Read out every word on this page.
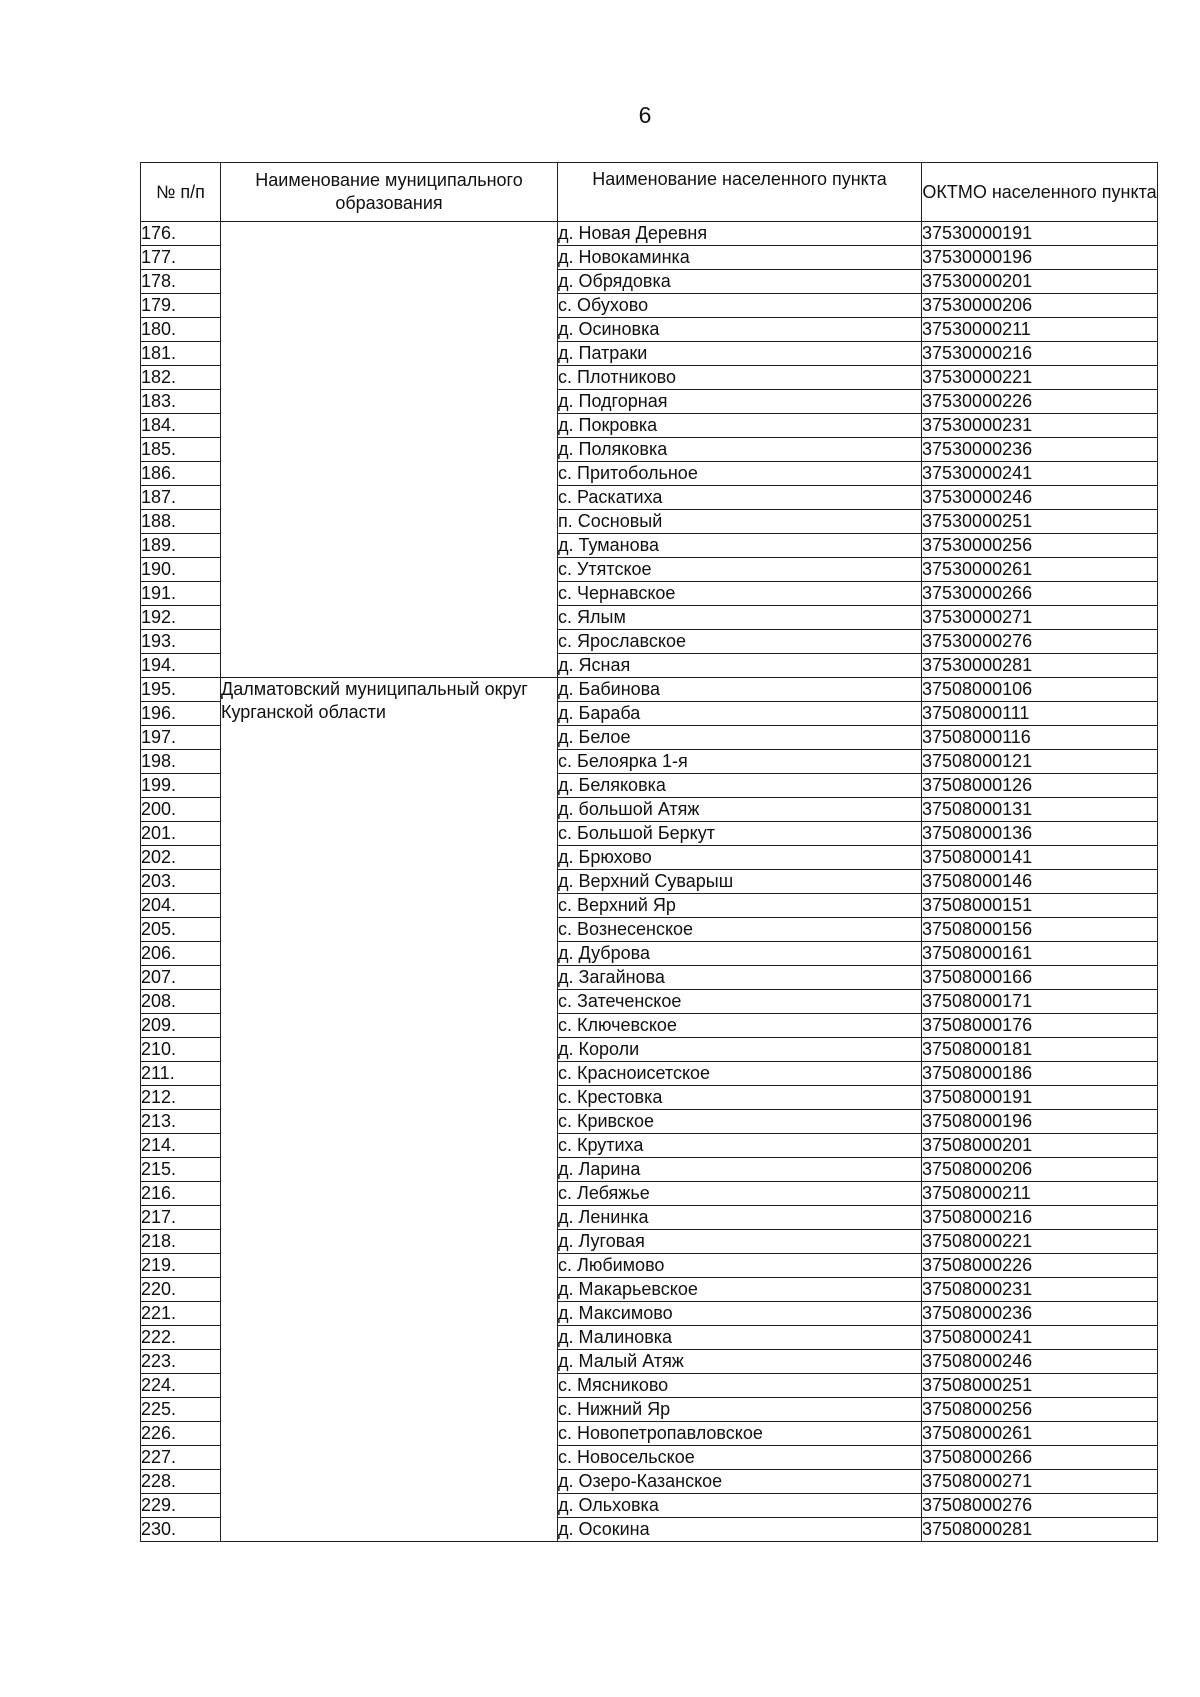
6
№ п/п	Наименование муниципального образования	Наименование населенного пункта	ОКТМО населенного пункта
176.		д. Новая Деревня	37530000191
177.		д. Новокаминка	37530000196
178.		д. Обрядовка	37530000201
179.		с. Обухово	37530000206
180.		д. Осиновка	37530000211
181.		д. Патраки	37530000216
182.		с. Плотниково	37530000221
183.		д. Подгорная	37530000226
184.		д. Покровка	37530000231
185.		д. Поляковка	37530000236
186.		с. Притобольное	37530000241
187.		с. Раскатиха	37530000246
188.		п. Сосновый	37530000251
189.		д. Туманова	37530000256
190.		с. Утятское	37530000261
191.		с. Чернавское	37530000266
192.		с. Ялым	37530000271
193.		с. Ярославское	37530000276
194.		д. Ясная	37530000281
195.	Далматовский муниципальный округ Курганской области	д. Бабинова	37508000106
196.		д. Бараба	37508000111
197.		д. Белое	37508000116
198.		с. Белоярка 1-я	37508000121
199.		д. Беляковка	37508000126
200.		д. большой Атяж	37508000131
201.		с. Большой Беркут	37508000136
202.		д. Брюхово	37508000141
203.		д. Верхний Суварыш	37508000146
204.		с. Верхний Яр	37508000151
205.		с. Вознесенское	37508000156
206.		д. Дуброва	37508000161
207.		д. Загайнова	37508000166
208.		с. Затеченское	37508000171
209.		с. Ключевское	37508000176
210.		д. Короли	37508000181
211.		с. Красноисетское	37508000186
212.		с. Крестовка	37508000191
213.		с. Кривское	37508000196
214.		с. Крутиха	37508000201
215.		д. Ларина	37508000206
216.		с. Лебяжье	37508000211
217.		д. Ленинка	37508000216
218.		д. Луговая	37508000221
219.		с. Любимово	37508000226
220.		д. Макарьевское	37508000231
221.		д. Максимово	37508000236
222.		д. Малиновка	37508000241
223.		д. Малый Атяж	37508000246
224.		с. Мясниково	37508000251
225.		с. Нижний Яр	37508000256
226.		с. Новопетропавловское	37508000261
227.		с. Новосельское	37508000266
228.		д. Озеро-Казанское	37508000271
229.		д. Ольховка	37508000276
230.		д. Осокина	37508000281
